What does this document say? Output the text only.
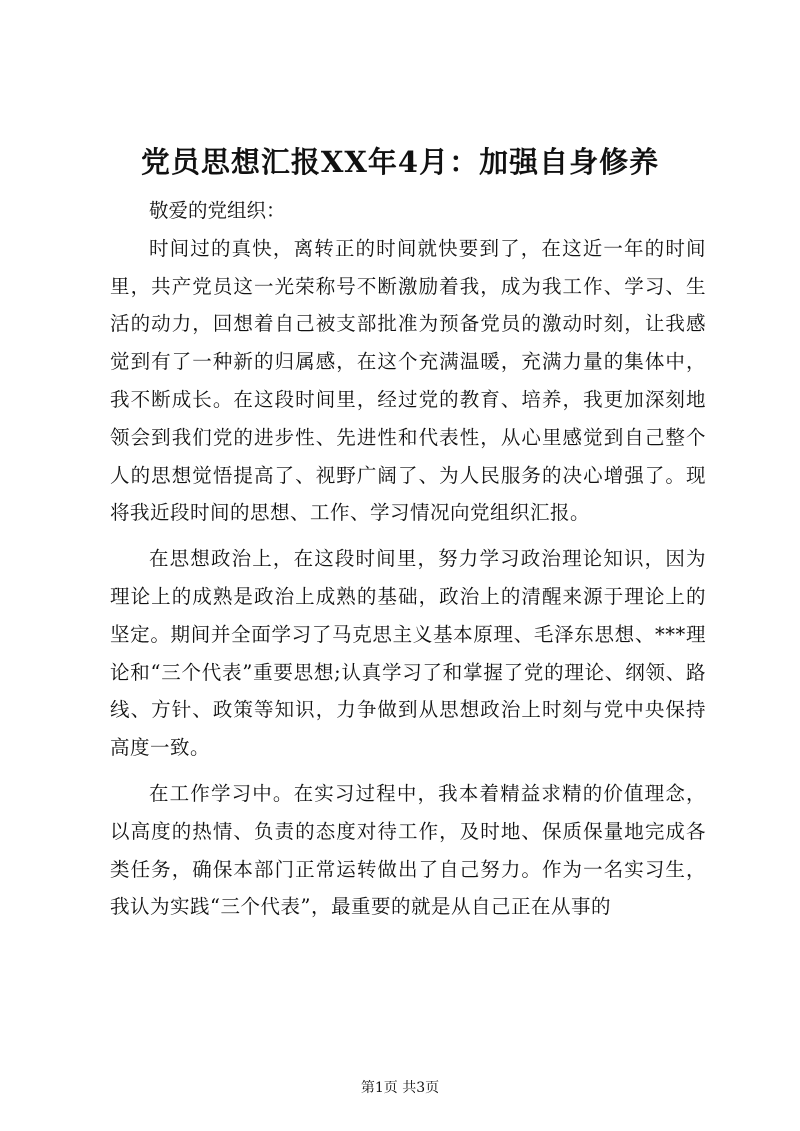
党员思想汇报XX年4月：加强自身修养

敬爱的党组织：

时间过的真快，离转正的时间就快要到了，在这近一年的时间里，共产党员这一光荣称号不断激励着我，成为我工作、学习、生活的动力，回想着自己被支部批准为预备党员的激动时刻，让我感觉到有了一种新的归属感，在这个充满温暖，充满力量的集体中，我不断成长。在这段时间里，经过党的教育、培养，我更加深刻地领会到我们党的进步性、先进性和代表性，从心里感觉到自己整个人的思想觉悟提高了、视野广阔了、为人民服务的决心增强了。现将我近段时间的思想、工作、学习情况向党组织汇报。

在思想政治上，在这段时间里，努力学习政治理论知识，因为理论上的成熟是政治上成熟的基础，政治上的清醒来源于理论上的坚定。期间并全面学习了马克思主义基本原理、毛泽东思想、***理论和“三个代表”重要思想;认真学习了和掌握了党的理论、纲领、路线、方针、政策等知识，力争做到从思想政治上时刻与党中央保持高度一致。

在工作学习中。在实习过程中，我本着精益求精的价值理念，以高度的热情、负责的态度对待工作，及时地、保质保量地完成各类任务，确保本部门正常运转做出了自己努力。作为一名实习生，我认为实践“三个代表”，最重要的就是从自己正在从事的

第1页 共3页
